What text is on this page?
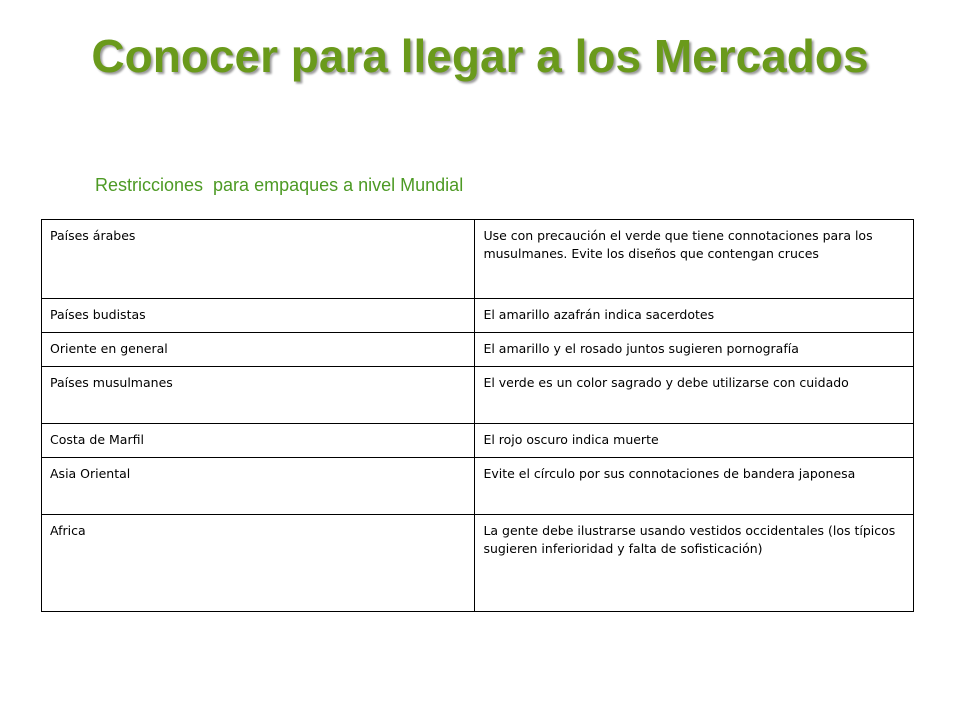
Conocer para llegar a los Mercados

Restricciones  para empaques a nivel Mundial

Países árabes	Use con precaución el verde que tiene connotaciones para los musulmanes. Evite los diseños que contengan cruces
Países budistas	El amarillo azafrán indica sacerdotes
Oriente en general	El amarillo y el rosado juntos sugieren pornografía
Países musulmanes	El verde es un color sagrado y debe utilizarse con cuidado
Costa de Marfil	El rojo oscuro indica muerte
Asia Oriental	Evite el círculo por sus connotaciones de bandera japonesa
Africa	La gente debe ilustrarse usando vestidos occidentales (los típicos sugieren inferioridad y falta de sofisticación)
